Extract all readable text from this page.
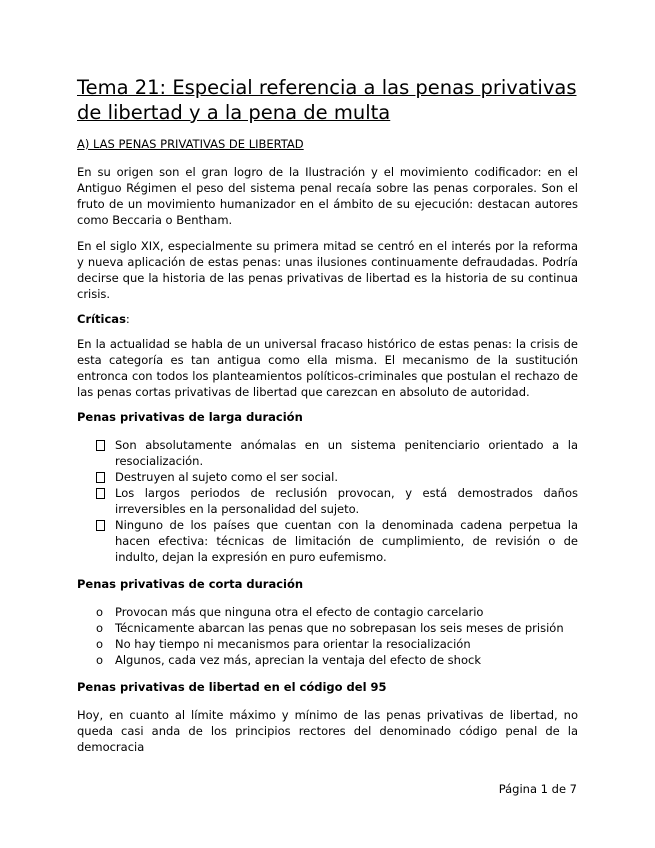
Tema 21: Especial referencia a las penas privativas de libertad y a la pena de multa
A) LAS PENAS PRIVATIVAS DE LIBERTAD

En su origen son el gran logro de la Ilustración y el movimiento codificador: en el Antiguo Régimen el peso del sistema penal recaía sobre las penas corporales. Son el fruto de un movimiento humanizador en el ámbito de su ejecución: destacan autores como Beccaria o Bentham.

En el siglo XIX, especialmente su primera mitad se centró en el interés por la reforma y nueva aplicación de estas penas: unas ilusiones continuamente defraudadas. Podría decirse que la historia de las penas privativas de libertad es la historia de su continua crisis.

Críticas:

En la actualidad se habla de un universal fracaso histórico de estas penas: la crisis de esta categoría es tan antigua como ella misma. El mecanismo de la sustitución entronca con todos los planteamientos políticos-criminales que postulan el rechazo de las penas cortas privativas de libertad que carezcan en absoluto de autoridad.

Penas privativas de larga duración
Son absolutamente anómalas en un sistema penitenciario orientado a la resocialización.
Destruyen al sujeto como el ser social.
Los largos periodos de reclusión provocan, y está demostrados daños irreversibles en la personalidad del sujeto.
Ninguno de los países que cuentan con la denominada cadena perpetua la hacen efectiva: técnicas de limitación de cumplimiento, de revisión o de indulto, dejan la expresión en puro eufemismo.
Penas privativas de corta duración
o Provocan más que ninguna otra el efecto de contagio carcelario
o Técnicamente abarcan las penas que no sobrepasan los seis meses de prisión
o No hay tiempo ni mecanismos para orientar la resocialización
o Algunos, cada vez más, aprecian la ventaja del efecto de shock
Penas privativas de libertad en el código del 95

Hoy, en cuanto al límite máximo y mínimo de las penas privativas de libertad, no queda casi anda de los principios rectores del denominado código penal de la democracia

Página 1 de 7
